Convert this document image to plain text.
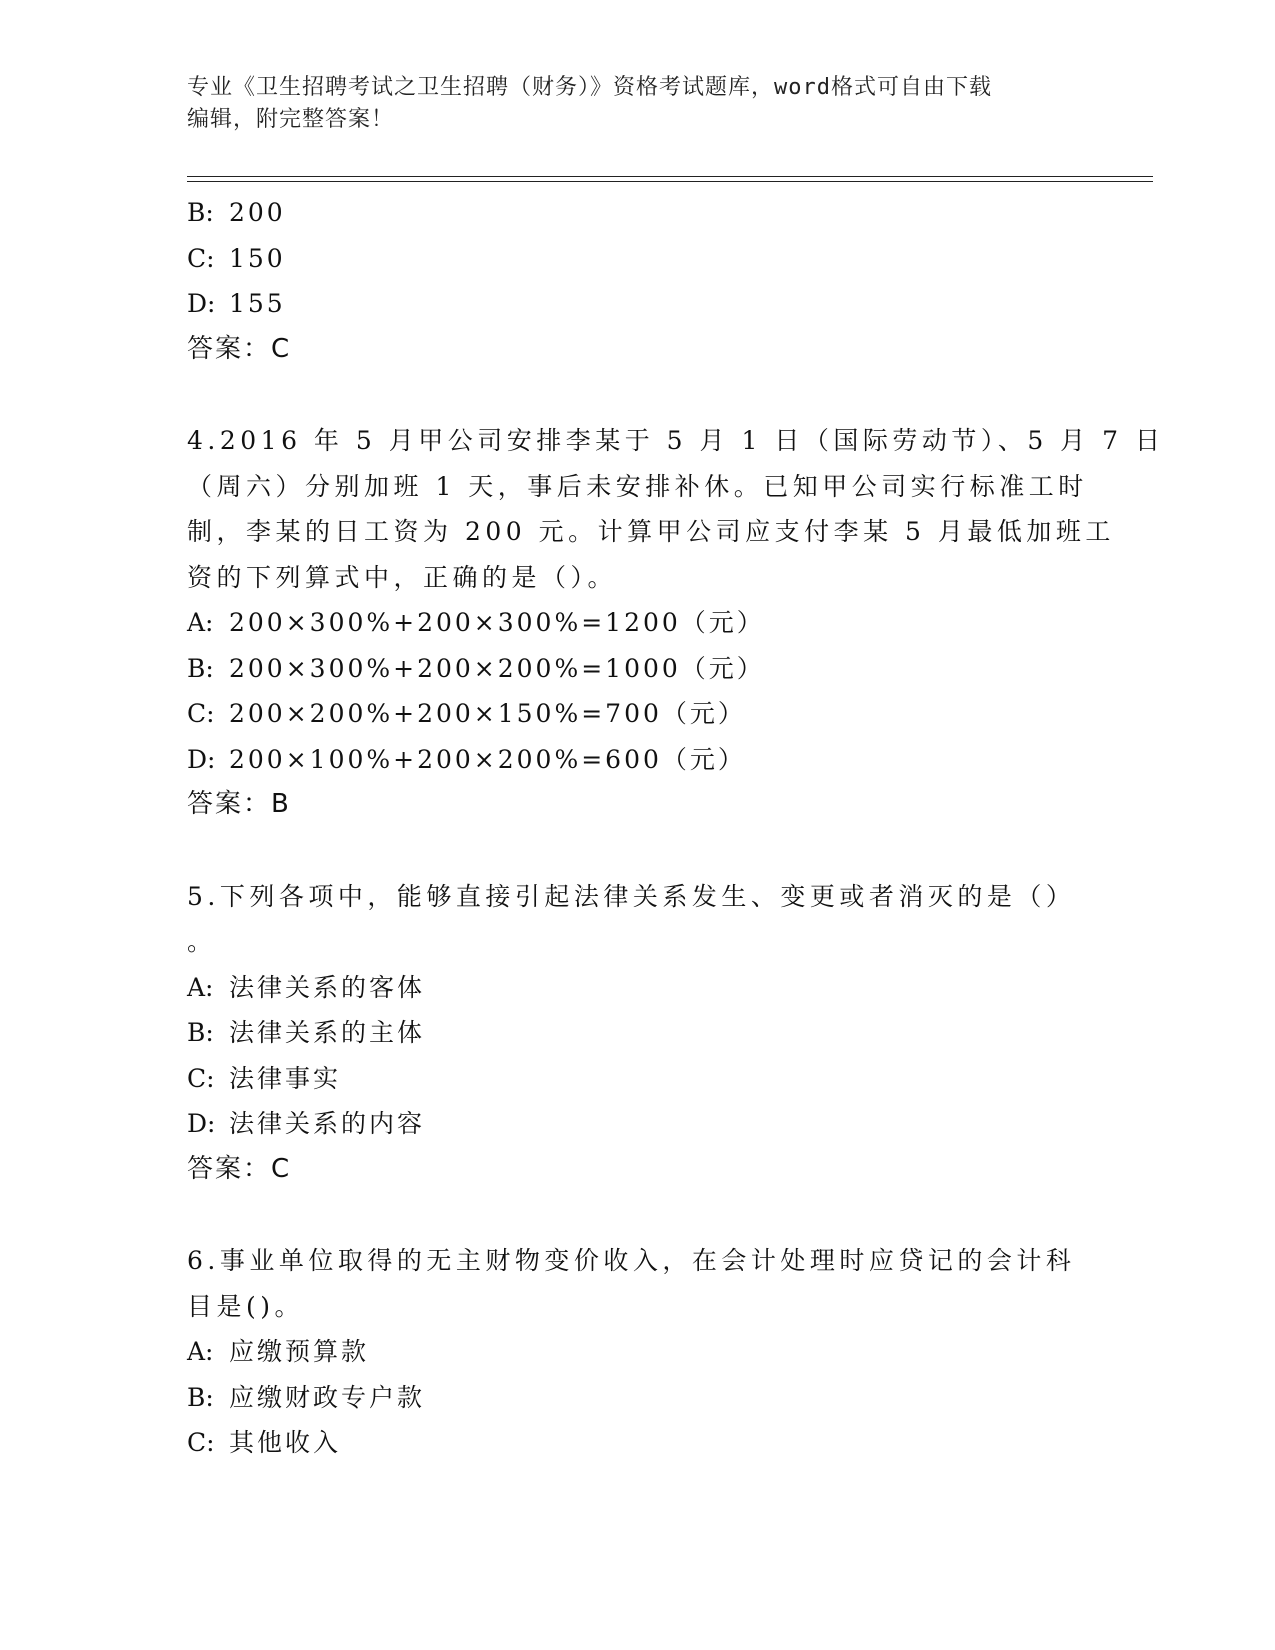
专业《卫生招聘考试之卫生招聘（财务）》资格考试题库，word格式可自由下载
编辑，附完整答案！
B: 200
C: 150
D: 155
答案：C
4.2016 年 5 月甲公司安排李某于 5 月 1 日（国际劳动节）、5 月 7 日
（周六）分别加班 1 天，事后未安排补休。已知甲公司实行标准工时
制，李某的日工资为 200 元。计算甲公司应支付李某 5 月最低加班工
资的下列算式中，正确的是（）。
A: 200×300%+200×300%=1200（元）
B: 200×300%+200×200%=1000（元）
C: 200×200%+200×150%=700（元）
D: 200×100%+200×200%=600（元）
答案：B
5.下列各项中，能够直接引起法律关系发生、变更或者消灭的是（）
。
A: 法律关系的客体
B: 法律关系的主体
C: 法律事实
D: 法律关系的内容
答案：C
6.事业单位取得的无主财物变价收入，在会计处理时应贷记的会计科
目是()。
A: 应缴预算款
B: 应缴财政专户款
C: 其他收入
